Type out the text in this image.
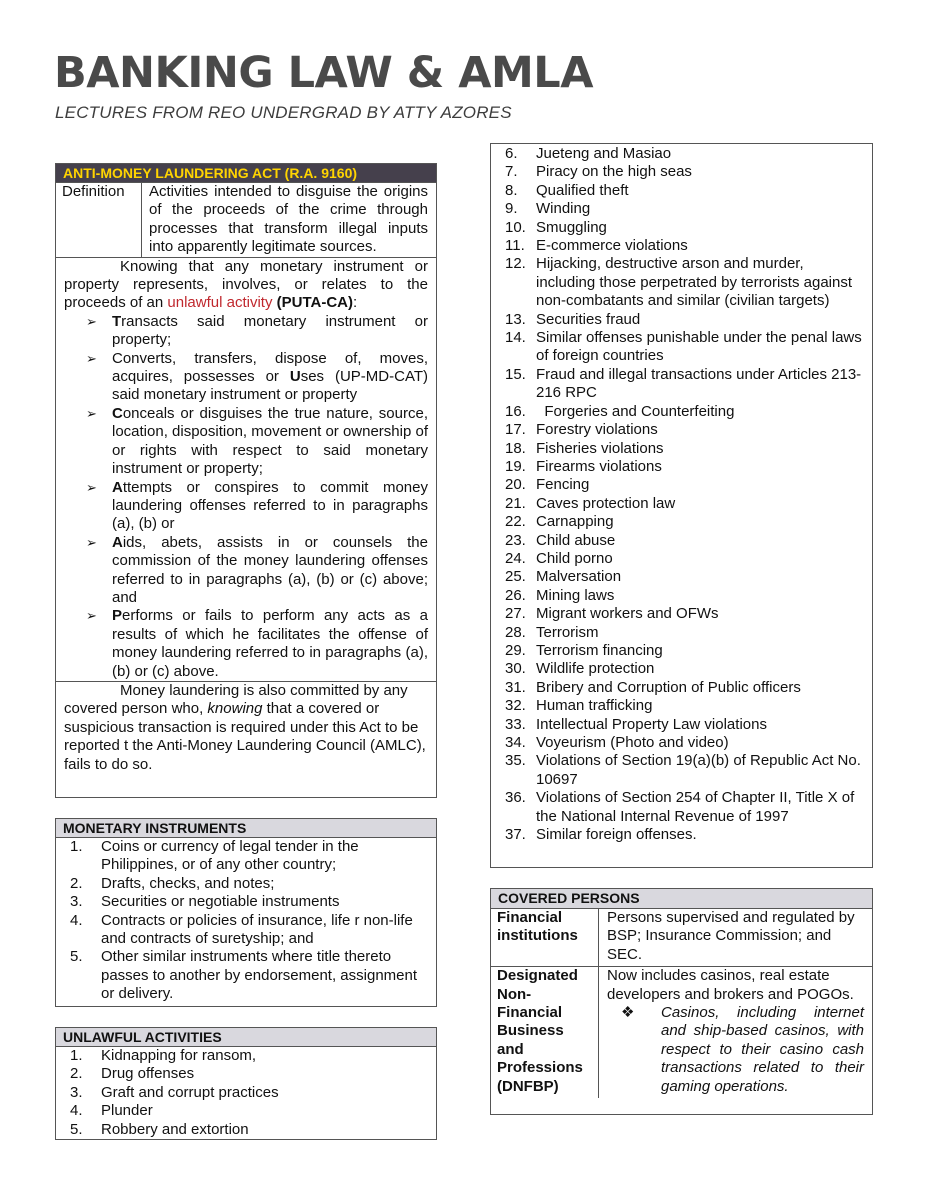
BANKING LAW & AMLA
LECTURES FROM REO UNDERGRAD BY ATTY AZORES
ANTI-MONEY LAUNDERING ACT (R.A. 9160)
Definition	Activities intended to disguise the origins of the proceeds of the crime through processes that transform illegal inputs into apparently legitimate sources.
Knowing that any monetary instrument or property represents, involves, or relates to the proceeds of an unlawful activity (PUTA-CA):
➢ Transacts said monetary instrument or property;
➢ Converts, transfers, dispose of, moves, acquires, possesses or Uses (UP-MD-CAT) said monetary instrument or property
➢ Conceals or disguises the true nature, source, location, disposition, movement or ownership of or rights with respect to said monetary instrument or property;
➢ Attempts or conspires to commit money laundering offenses referred to in paragraphs (a), (b) or
➢ Aids, abets, assists in or counsels the commission of the money laundering offenses referred to in paragraphs (a), (b) or (c) above; and
➢ Performs or fails to perform any acts as a results of which he facilitates the offense of money laundering referred to in paragraphs (a), (b) or (c) above.
Money laundering is also committed by any covered person who, knowing that a covered or suspicious transaction is required under this Act to be reported t the Anti-Money Laundering Council (AMLC), fails to do so.
MONETARY INSTRUMENTS
1. Coins or currency of legal tender in the Philippines, or of any other country;
2. Drafts, checks, and notes;
3. Securities or negotiable instruments
4. Contracts or policies of insurance, life r non-life and contracts of suretyship; and
5. Other similar instruments where title thereto passes to another by endorsement, assignment or delivery.
UNLAWFUL ACTIVITIES
1. Kidnapping for ransom,
2. Drug offenses
3. Graft and corrupt practices
4. Plunder
5. Robbery and extortion
6. Jueteng and Masiao
7. Piracy on the high seas
8. Qualified theft
9. Winding
10. Smuggling
11. E-commerce violations
12. Hijacking, destructive arson and murder, including those perpetrated by terrorists against non-combatants and similar (civilian targets)
13. Securities fraud
14. Similar offenses punishable under the penal laws of foreign countries
15. Fraud and illegal transactions under Articles 213-216 RPC
16. Forgeries and Counterfeiting
17. Forestry violations
18. Fisheries violations
19. Firearms violations
20. Fencing
21. Caves protection law
22. Carnapping
23. Child abuse
24. Child porno
25. Malversation
26. Mining laws
27. Migrant workers and OFWs
28. Terrorism
29. Terrorism financing
30. Wildlife protection
31. Bribery and Corruption of Public officers
32. Human trafficking
33. Intellectual Property Law violations
34. Voyeurism (Photo and video)
35. Violations of Section 19(a)(b) of Republic Act No. 10697
36. Violations of Section 254 of Chapter II, Title X of the National Internal Revenue of 1997
37. Similar foreign offenses.
COVERED PERSONS
Financial institutions
Persons supervised and regulated by BSP; Insurance Commission; and SEC.
Designated Non-Financial Business and Professions (DNFBP)
Now includes casinos, real estate developers and brokers and POGOs.
❖ Casinos, including internet and ship-based casinos, with respect to their casino cash transactions related to their gaming operations.
